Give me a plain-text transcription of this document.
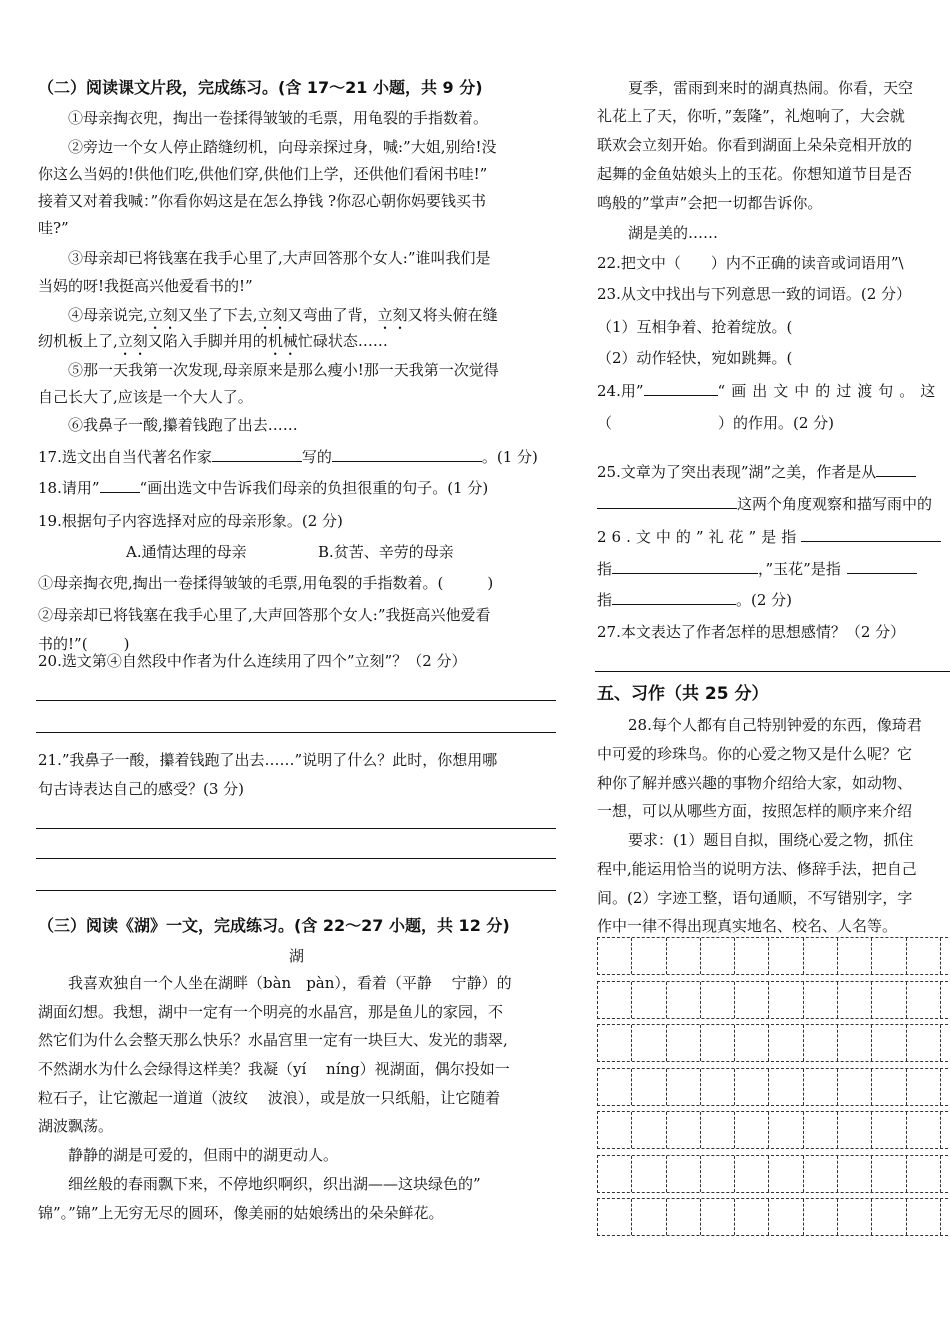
（二）阅读课文片段，完成练习。(含 17～21 小题，共 9 分)
①母亲掏衣兜，掏出一卷揉得皱皱的毛票，用龟裂的手指数着。
②旁边一个女人停止踏缝纫机，向母亲探过身，喊:”大姐,别给!没
你这么当妈的!供他们吃,供他们穿,供他们上学，还供他们看闲书哇!”
接着又对着我喊：”你看你妈这是在怎么挣钱 ?你忍心朝你妈要钱买书
哇?”
③母亲却已将钱塞在我手心里了,大声回答那个女人:”谁叫我们是
当妈的呀!我挺高兴他爱看书的!”
④母亲说完,立刻又坐了下去,立刻又弯曲了背，立刻又将头俯在缝
纫机板上了,立刻又陷入手脚并用的机械忙碌状态……
⑤那一天我第一次发现,母亲原来是那么瘦小!那一天我第一次觉得
自己长大了,应该是一个大人了。
⑥我鼻子一酸,攥着钱跑了出去……
17.选文出自当代著名作家	写的	。(1 分)
18.请用”	“画出选文中告诉我们母亲的负担很重的句子。(1 分)
19.根据句子内容选择对应的母亲形象。(2 分)
A.通情达理的母亲	B.贫苦、辛劳的母亲
①母亲掏衣兜,掏出一卷揉得皱皱的毛票,用龟裂的手指数着。(	)
②母亲却已将钱塞在我手心里了,大声回答那个女人:”我挺高兴他爱看
书的!”( )
20.选文第④自然段中作者为什么连续用了四个”立刻”？（2 分）
21.”我鼻子一酸，攥着钱跑了出去……”说明了什么？此时，你想用哪
句古诗表达自己的感受？(3 分)
（三）阅读《湖》一文，完成练习。(含 22～27 小题，共 12 分)
湖
我喜欢独自一个人坐在湖畔（bàn　pàn），看着（平静　 宁静）的
湖面幻想。我想，湖中一定有一个明亮的水晶宫，那是鱼儿的家园，不
然它们为什么会整天那么快乐？水晶宫里一定有一块巨大、发光的翡翠,
不然湖水为什么会绿得这样美？我凝（yí　 níng）视湖面，偶尔投如一
粒石子，让它激起一道道（波纹　 波浪），或是放一只纸船，让它随着
湖波飘荡。
静静的湖是可爱的，但雨中的湖更动人。
细丝般的春雨飘下来，不停地织啊织，织出湖——这块绿色的”
锦”。”锦”上无穷无尽的圆环，像美丽的姑娘绣出的朵朵鲜花。
夏季，雷雨到来时的湖真热闹。你看，天空
礼花上了天，你听，”轰隆”，礼炮响了，大会就
联欢会立刻开始。你看到湖面上朵朵竞相开放的
起舞的金鱼姑娘头上的玉花。你想知道节目是否
鸣般的”掌声”会把一切都告诉你。
湖是美的……
22.把文中（　　）内不正确的读音或词语用”\
23.从文中找出与下列意思一致的词语。(2 分）
（1）互相争着、抢着绽放。(
（2）动作轻快，宛如跳舞。(
24.用”	“画出文中的过渡句。这
（	）的作用。(2 分)
25.文章为了突出表现”湖”之美，作者是从
这两个角度观察和描写雨中的
26.文中的”礼花”是指
指	，”玉花”是指
指	。(2 分)
27.本文表达了作者怎样的思想感情？（2 分）
五、习作（共 25 分）
28.每个人都有自己特别钟爱的东西，像琦君
中可爱的珍珠鸟。你的心爱之物又是什么呢？它
种你了解并感兴趣的事物介绍给大家，如动物、
一想，可以从哪些方面，按照怎样的顺序来介绍
要求：(1）题目自拟，围绕心爱之物，抓住
程中,能运用恰当的说明方法、修辞手法，把自己
间。(2）字迹工整，语句通顺，不写错别字，字
作中一律不得出现真实地名、校名、人名等。
